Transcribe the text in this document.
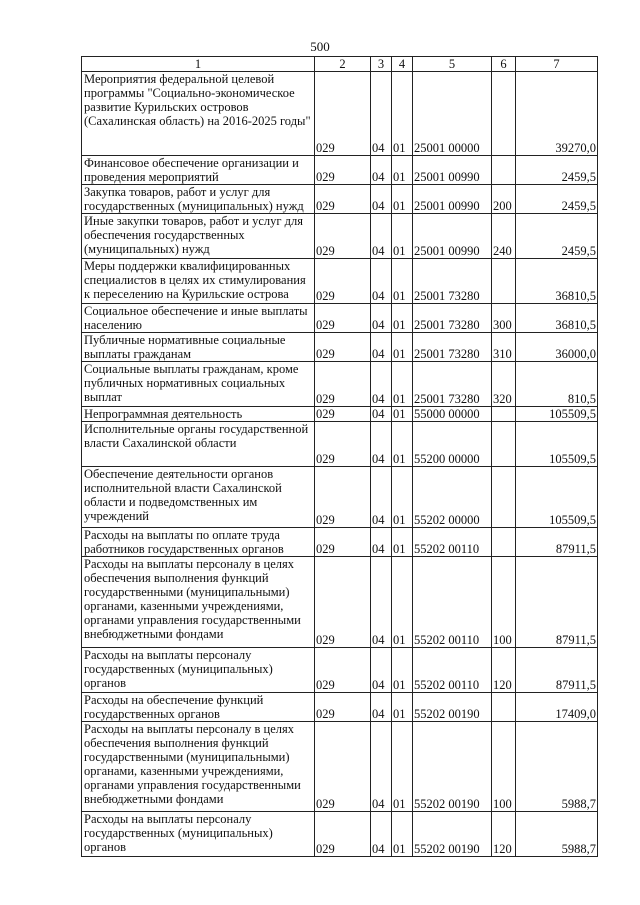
500
1	2	3	4	5	6	7
Мероприятия федеральной целевой программы "Социально-экономическое развитие Курильских островов (Сахалинская область) на 2016-2025 годы"	029	04	01	25001 00000		39270,0
Финансовое обеспечение организации и проведения мероприятий	029	04	01	25001 00990		2459,5
Закупка товаров, работ и услуг для государственных (муниципальных) нужд	029	04	01	25001 00990	200	2459,5
Иные закупки товаров, работ и услуг для обеспечения государственных (муниципальных) нужд	029	04	01	25001 00990	240	2459,5
Меры поддержки квалифицированных специалистов в целях их стимулирования к переселению на Курильские острова	029	04	01	25001 73280		36810,5
Социальное обеспечение и иные выплаты населению	029	04	01	25001 73280	300	36810,5
Публичные нормативные социальные выплаты гражданам	029	04	01	25001 73280	310	36000,0
Социальные выплаты гражданам, кроме публичных нормативных социальных выплат	029	04	01	25001 73280	320	810,5
Непрограммная деятельность	029	04	01	55000 00000		105509,5
Исполнительные органы государственной власти Сахалинской области	029	04	01	55200 00000		105509,5
Обеспечение деятельности органов исполнительной власти Сахалинской области и подведомственных им учреждений	029	04	01	55202 00000		105509,5
Расходы на выплаты по оплате труда работников государственных органов	029	04	01	55202 00110		87911,5
Расходы на выплаты персоналу в целях обеспечения выполнения функций государственными (муниципальными) органами, казенными учреждениями, органами управления государственными внебюджетными фондами	029	04	01	55202 00110	100	87911,5
Расходы на выплаты персоналу государственных (муниципальных) органов	029	04	01	55202 00110	120	87911,5
Расходы на обеспечение функций государственных органов	029	04	01	55202 00190		17409,0
Расходы на выплаты персоналу в целях обеспечения выполнения функций государственными (муниципальными) органами, казенными учреждениями, органами управления государственными внебюджетными фондами	029	04	01	55202 00190	100	5988,7
Расходы на выплаты персоналу государственных (муниципальных) органов	029	04	01	55202 00190	120	5988,7
